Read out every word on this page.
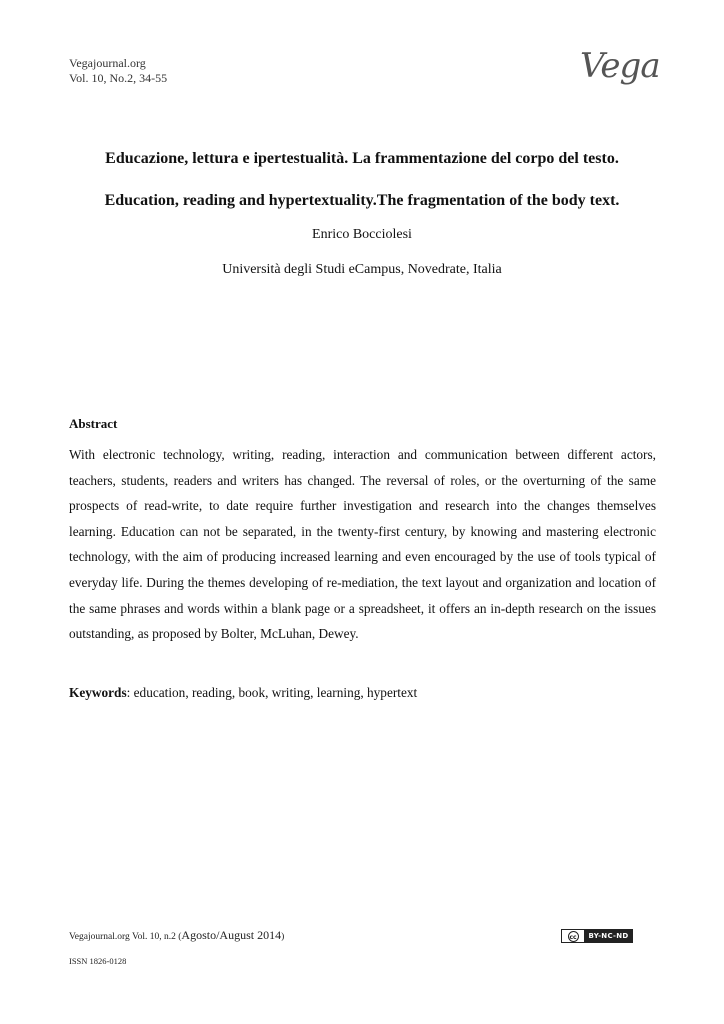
Vegajournal.org
Vol. 10, No.2, 34-55	Vega
Educazione, lettura e ipertestualità. La frammentazione del corpo del testo.
Education, reading and hypertextuality.The fragmentation of the body text.
Enrico Bocciolesi
Università degli Studi eCampus, Novedrate, Italia
Abstract

With electronic technology, writing, reading, interaction and communication between different actors, teachers, students, readers and writers has changed. The reversal of roles, or the overturning of the same prospects of read-write, to date require further investigation and research into the changes themselves learning. Education can not be separated, in the twenty-first century, by knowing and mastering electronic technology, with the aim of producing increased learning and even encouraged by the use of tools typical of everyday life. During the themes developing of re-mediation, the text layout and organization and location of the same phrases and words within a blank page or a spreadsheet, it offers an in-depth research on the issues outstanding, as proposed by Bolter, McLuhan, Dewey.

Keywords: education, reading, book, writing, learning, hypertext
Vegajournal.org Vol. 10, n.2 (Agosto/August 2014)
ISSN 1826-0128
cc	BY-NC-ND
